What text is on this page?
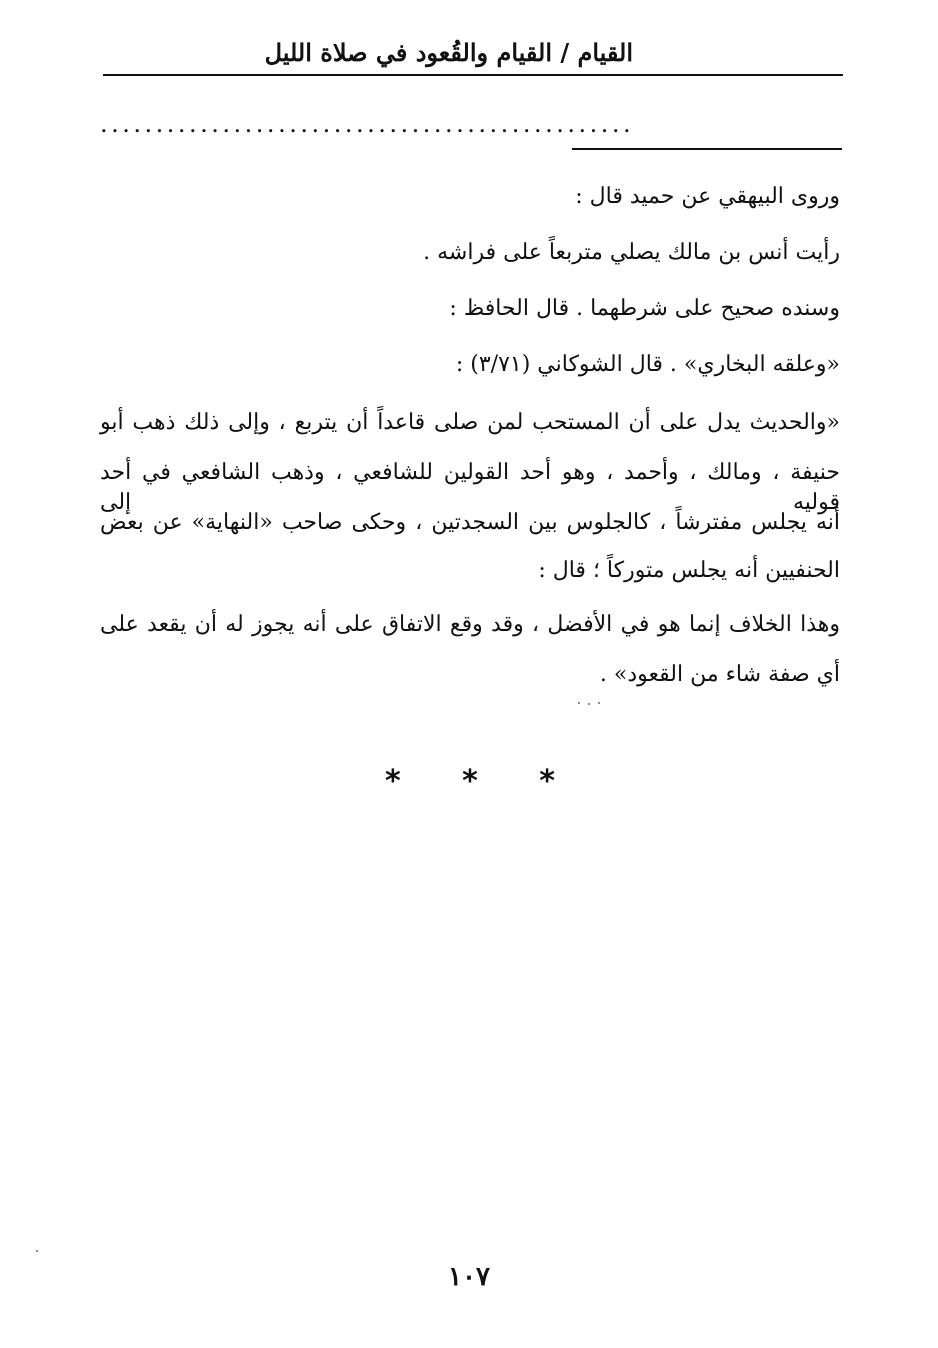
القيام / القيام والقُعود في صلاة الليل
................................................
وروى البيهقي عن حميد قال :
رأيت أنس بن مالك يصلي متربعاً على فراشه .
وسنده صحيح على شرطهما . قال الحافظ :
«وعلقه البخاري» . قال الشوكاني (٣/٧١) :
«والحديث يدل على أن المستحب لمن صلى قاعداً أن يتربع ، وإلى ذلك ذهب أبو
حنيفة ، ومالك ، وأحمد ، وهو أحد القولين للشافعي ، وذهب الشافعي في أحد قوليه إلى
أنه يجلس مفترشاً ، كالجلوس بين السجدتين ، وحكى صاحب «النهاية» عن بعض
الحنفيين أنه يجلس متوركاً ؛ قال :
وهذا الخلاف إنما هو في الأفضل ، وقد وقع الاتفاق على أنه يجوز له أن يقعد على
أي صفة شاء من القعود» .
* * *
١٠٧
